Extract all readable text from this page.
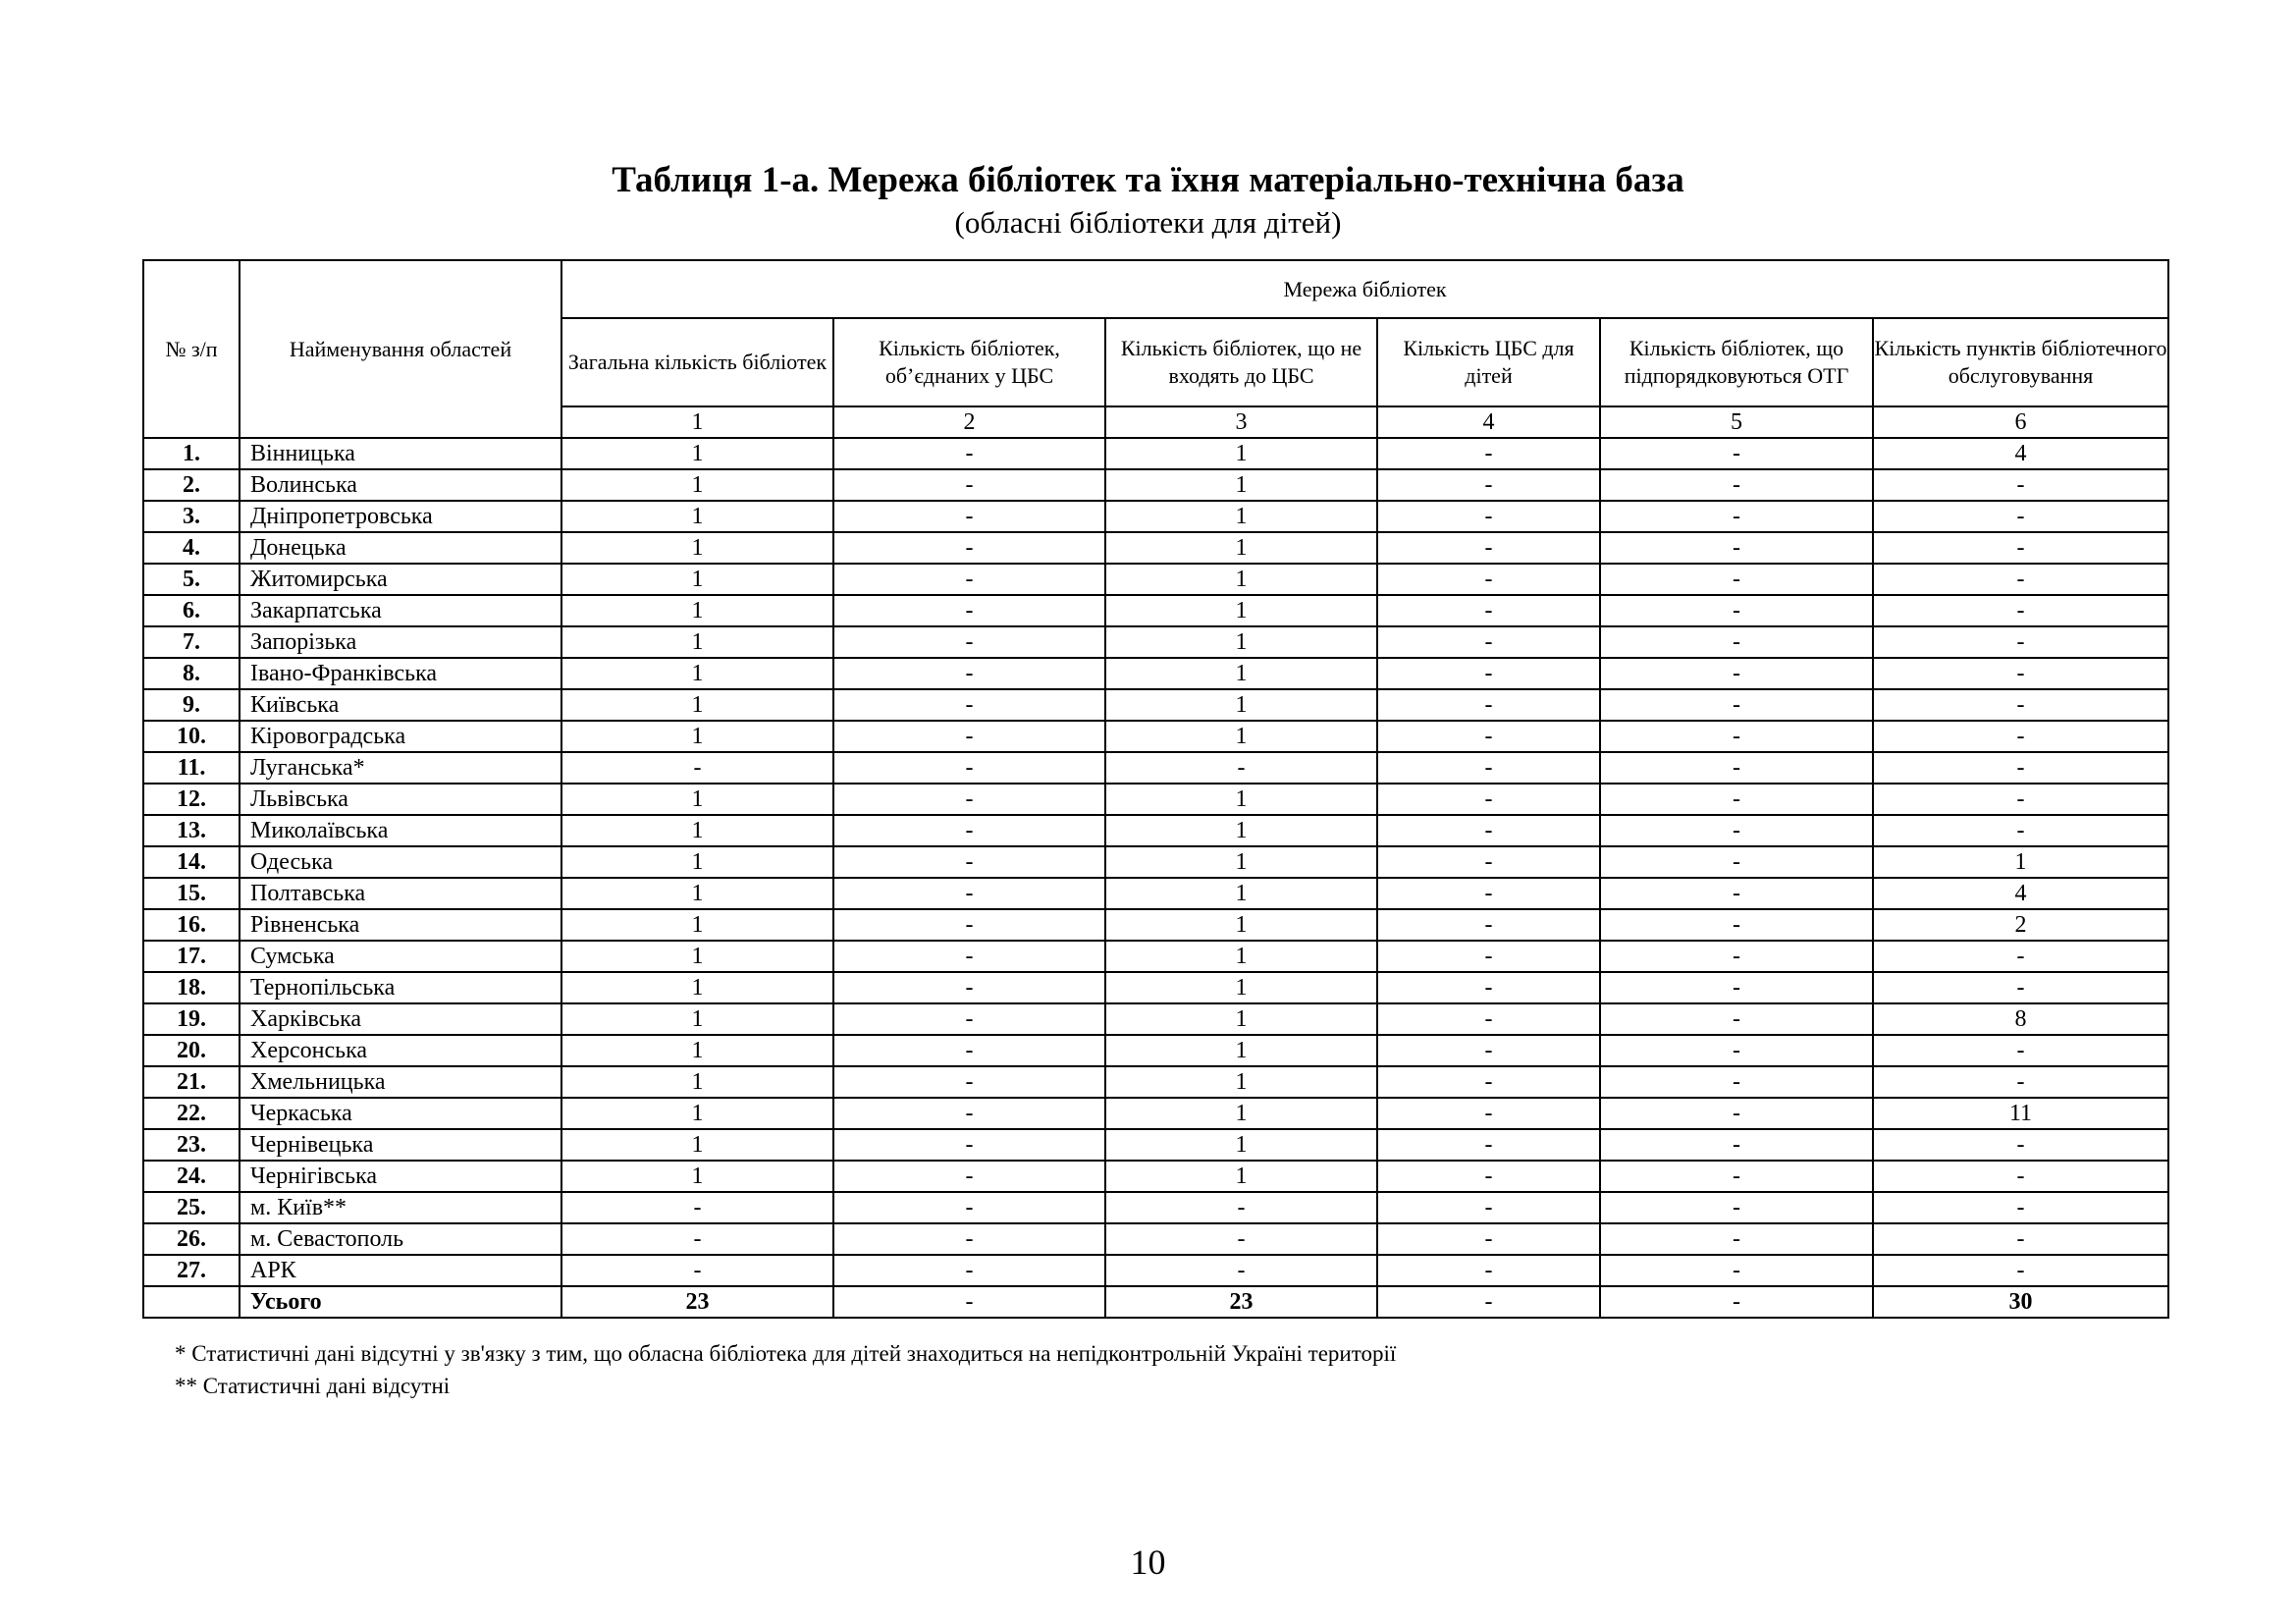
Таблиця 1-а. Мережа бібліотек та їхня матеріально-технічна база
(обласні бібліотеки для дітей)
№ з/п	Найменування областей	Мережа бібліотек					
		Загальна кількість бібліотек	Кількість бібліотек, об’єднаних у ЦБС	Кількість бібліотек, що не входять до ЦБС	Кількість ЦБС для дітей	Кількість бібліотек, що підпорядковуються ОТГ	Кількість пунктів бібліотечного обслуговування
		1	2	3	4	5	6
1.	Вінницька	1	-	1	-	-	4
2.	Волинська	1	-	1	-	-	-
3.	Дніпропетровська	1	-	1	-	-	-
4.	Донецька	1	-	1	-	-	-
5.	Житомирська	1	-	1	-	-	-
6.	Закарпатська	1	-	1	-	-	-
7.	Запорізька	1	-	1	-	-	-
8.	Івано-Франківська	1	-	1	-	-	-
9.	Київська	1	-	1	-	-	-
10.	Кіровоградська	1	-	1	-	-	-
11.	Луганська*	-	-	-	-	-	-
12.	Львівська	1	-	1	-	-	-
13.	Миколаївська	1	-	1	-	-	-
14.	Одеська	1	-	1	-	-	1
15.	Полтавська	1	-	1	-	-	4
16.	Рівненська	1	-	1	-	-	2
17.	Сумська	1	-	1	-	-	-
18.	Тернопільська	1	-	1	-	-	-
19.	Харківська	1	-	1	-	-	8
20.	Херсонська	1	-	1	-	-	-
21.	Хмельницька	1	-	1	-	-	-
22.	Черкаська	1	-	1	-	-	11
23.	Чернівецька	1	-	1	-	-	-
24.	Чернігівська	1	-	1	-	-	-
25.	м. Київ**	-	-	-	-	-	-
26.	м. Севастополь	-	-	-	-	-	-
27.	АРК	-	-	-	-	-	-
	Усього	23	-	23	-	-	30
* Статистичні дані відсутні у зв'язку з тим, що обласна бібліотека для дітей знаходиться на непідконтрольній Україні території
** Статистичні дані відсутні
10
